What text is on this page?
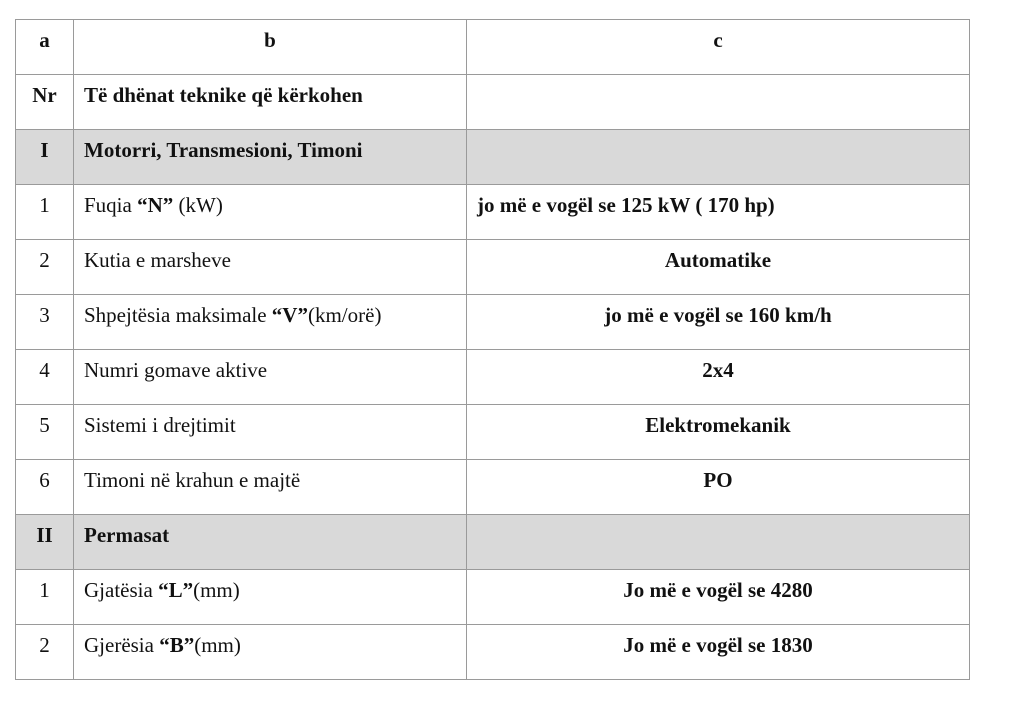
a	b	c
Nr	Të dhënat teknike që kërkohen	
I	Motorri, Transmesioni, Timoni	
1	Fuqia “N” (kW)	jo më e vogël se 125 kW ( 170 hp)
2	Kutia e marsheve	Automatike
3	Shpejtësia maksimale “V”(km/orë)	jo më e vogël se 160 km/h
4	Numri gomave aktive	2x4
5	Sistemi i drejtimit	Elektromekanik
6	Timoni në krahun e majtë	PO
II	Permasat	
1	Gjatësia “L”(mm)	Jo më e vogël se 4280
2	Gjerësia “B”(mm)	Jo më e vogël se 1830
